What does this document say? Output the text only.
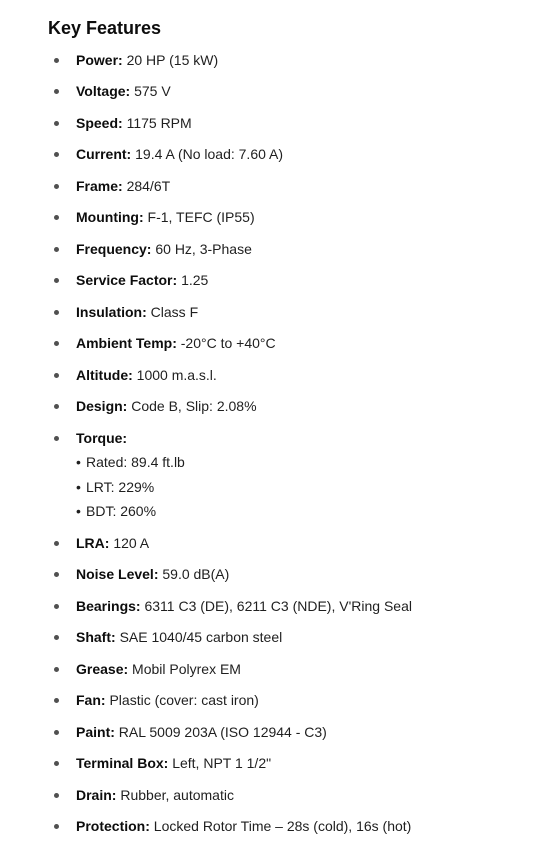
Key Features
Power: 20 HP (15 kW)
Voltage: 575 V
Speed: 1175 RPM
Current: 19.4 A (No load: 7.60 A)
Frame: 284/6T
Mounting: F-1, TEFC (IP55)
Frequency: 60 Hz, 3-Phase
Service Factor: 1.25
Insulation: Class F
Ambient Temp: -20°C to +40°C
Altitude: 1000 m.a.s.l.
Design: Code B, Slip: 2.08%
Torque:
• Rated: 89.4 ft.lb
• LRT: 229%
• BDT: 260%
LRA: 120 A
Noise Level: 59.0 dB(A)
Bearings: 6311 C3 (DE), 6211 C3 (NDE), V'Ring Seal
Shaft: SAE 1040/45 carbon steel
Grease: Mobil Polyrex EM
Fan: Plastic (cover: cast iron)
Paint: RAL 5009 203A (ISO 12944 - C3)
Terminal Box: Left, NPT 1 1/2"
Drain: Rubber, automatic
Protection: Locked Rotor Time – 28s (cold), 16s (hot)
